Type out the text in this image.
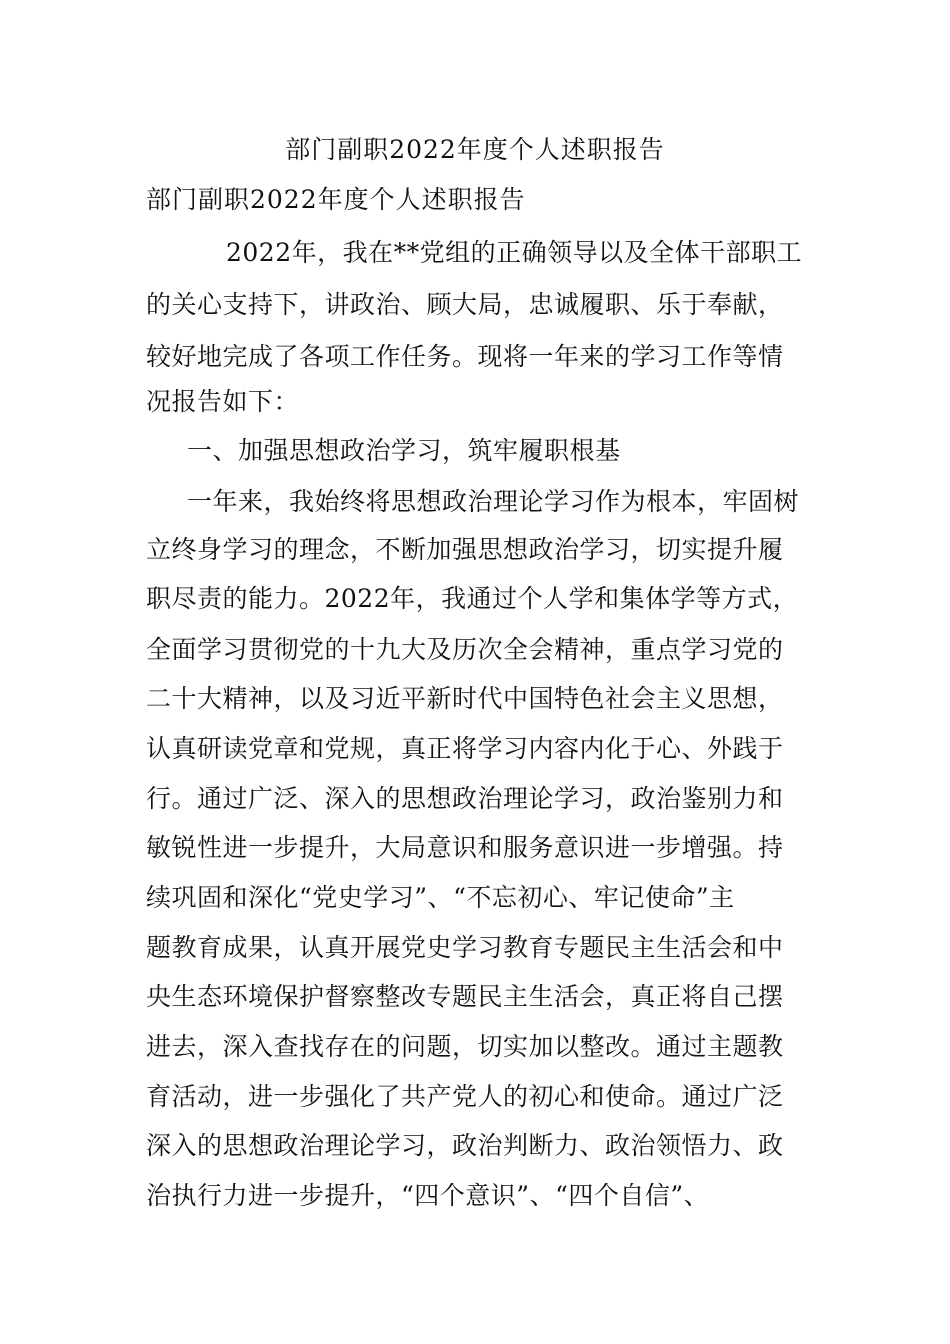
部门副职2022年度个人述职报告
部门副职2022年度个人述职报告
2022年，我在**党组的正确领导以及全体干部职工
的关心支持下，讲政治、顾大局，忠诚履职、乐于奉献，
较好地完成了各项工作任务。现将一年来的学习工作等情
况报告如下：
一、加强思想政治学习，筑牢履职根基
一年来，我始终将思想政治理论学习作为根本，牢固树
立终身学习的理念，不断加强思想政治学习，切实提升履
职尽责的能力。2022年，我通过个人学和集体学等方式，
全面学习贯彻党的十九大及历次全会精神，重点学习党的
二十大精神，以及习近平新时代中国特色社会主义思想，
认真研读党章和党规，真正将学习内容内化于心、外践于
行。通过广泛、深入的思想政治理论学习，政治鉴别力和
敏锐性进一步提升，大局意识和服务意识进一步增强。持
续巩固和深化“党史学习”、“不忘初心、牢记使命”主
题教育成果，认真开展党史学习教育专题民主生活会和中
央生态环境保护督察整改专题民主生活会，真正将自己摆
进去，深入查找存在的问题，切实加以整改。通过主题教
育活动，进一步强化了共产党人的初心和使命。通过广泛
深入的思想政治理论学习，政治判断力、政治领悟力、政
治执行力进一步提升，“四个意识”、“四个自信”、
